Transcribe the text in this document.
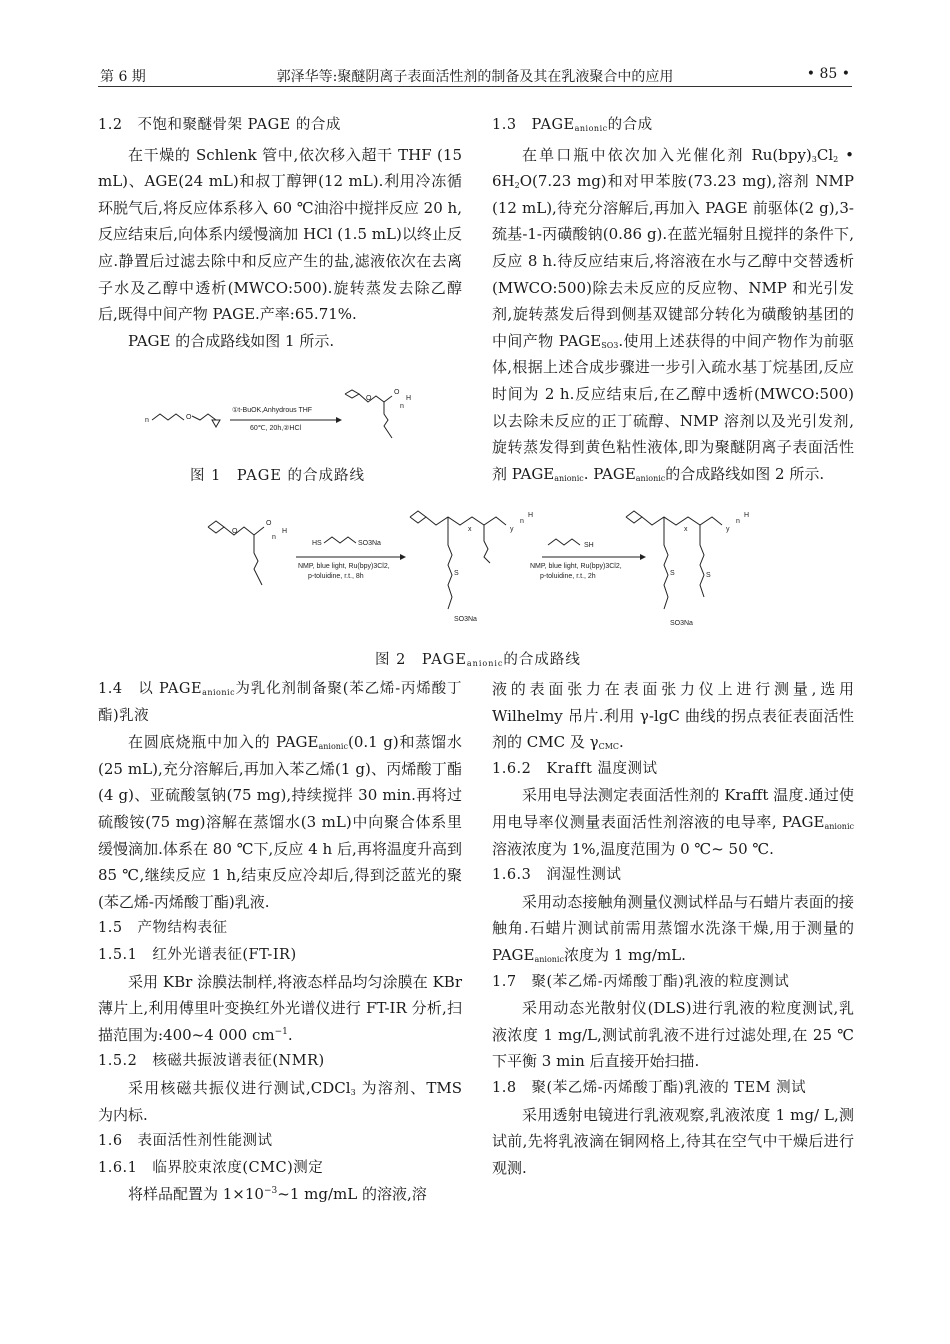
第 6 期	郭泽华等:聚醚阴离子表面活性剂的制备及其在乳液聚合中的应用	• 85 •

1.2　不饱和聚醚骨架 PAGE 的合成

在干燥的 Schlenk 管中,依次移入超干 THF (15 mL)、AGE(24 mL)和叔丁醇钾(12 mL).利用冷冻循环脱气后,将反应体系移入 60 ℃油浴中搅拌反应 20 h,反应结束后,向体系内缓慢滴加 HCl (1.5 mL)以终止反应.静置后过滤去除中和反应产生的盐,滤液依次在去离子水及乙醇中透析(MWCO:500).旋转蒸发去除乙醇后,既得中间产物 PAGE.产率:65.71%.

PAGE 的合成路线如图 1 所示.

n	O
①t-BuOK,Anhydrous THF
60℃, 20h,②HCl
O
O
n
H
图 1　PAGE 的合成路线

1.3　$PAGE_{anionic}$的合成

在单口瓶中依次加入光催化剂 $Ru(bpy)_3Cl_2$ • $6H_2O(7.23$ mg)和对甲苯胺(73.23 mg),溶剂 NMP (12 mL),待充分溶解后,再加入 PAGE 前驱体(2 g),3-巯基-1-丙磺酸钠(0.86 g).在蓝光辐射且搅拌的条件下,反应 8 h.待反应结束后,将溶液在水与乙醇中交替透析(MWCO:500)除去未反应的反应物、NMP 和光引发剂,旋转蒸发后得到侧基双键部分转化为磺酸钠基团的中间产物 $PAGE_{SO3}$.使用上述获得的中间产物作为前驱体,根据上述合成步骤进一步引入疏水基丁烷基团,反应时间为 2 h.反应结束后,在乙醇中透析(MWCO:500)以去除未反应的正丁硫醇、NMP 溶剂以及光引发剂,旋转蒸发得到黄色粘性液体,即为聚醚阴离子表面活性剂 $PAGE_{anionic}$. $PAGE_{anionic}$的合成路线如图 2 所示.

O
O
n
H
HS	SO3Na
NMP, blue light, Ru(bpy)3Cl2,
p-toluidine, r.t., 8h
x	y
n
H
S
SO3Na
SH
NMP, blue light, Ru(bpy)3Cl2,
p-toluidine, r.t., 2h
x	y
n
H
S
SO3Na
S
图 2　$PAGE_{anionic}$的合成路线

1.4　以 $PAGE_{anionic}$为乳化剂制备聚(苯乙烯-丙烯酸丁酯)乳液

在圆底烧瓶中加入的 $PAGE_{anionic}(0.1$ g)和蒸馏水(25 mL),充分溶解后,再加入苯乙烯(1 g)、丙烯酸丁酯(4 g)、亚硫酸氢钠(75 mg),持续搅拌 30 min.再将过硫酸铵(75 mg)溶解在蒸馏水(3 mL)中向聚合体系里缓慢滴加.体系在 80 ℃下,反应 4 h 后,再将温度升高到 85 ℃,继续反应 1 h,结束反应冷却后,得到泛蓝光的聚(苯乙烯-丙烯酸丁酯)乳液.

1.5　产物结构表征

1.5.1　红外光谱表征(FT-IR)

采用 KBr 涂膜法制样,将液态样品均匀涂膜在 KBr 薄片上,利用傅里叶变换红外光谱仪进行 FT-IR 分析,扫描范围为:400~4 000 $cm^{-1}$.

1.5.2　核磁共振波谱表征(NMR)

采用核磁共振仪进行测试,CDCl$_3$ 为溶剂、TMS 为内标.

1.6　表面活性剂性能测试

1.6.1　临界胶束浓度(CMC)测定

将样品配置为 $1\times 10^{-3}\sim 1$ mg/mL 的溶液,溶

液的表面张力在表面张力仪上进行测量,选用 Wilhelmy 吊片.利用 γ-lgC 曲线的拐点表征表面活性剂的 CMC 及 $\gamma_{CMC}$.

1.6.2　Krafft 温度测试

采用电导法测定表面活性剂的 Krafft 温度.通过使用电导率仪测量表面活性剂溶液的电导率, $PAGE_{anionic}$溶液浓度为 1%,温度范围为 0 ℃~ 50 ℃.

1.6.3　润湿性测试

采用动态接触角测量仪测试样品与石蜡片表面的接触角.石蜡片测试前需用蒸馏水洗涤干燥,用于测量的 $PAGE_{anionic}$浓度为 1 mg/mL.

1.7　聚(苯乙烯-丙烯酸丁酯)乳液的粒度测试

采用动态光散射仪(DLS)进行乳液的粒度测试,乳液浓度 1 mg/L,测试前乳液不进行过滤处理,在 25 ℃下平衡 3 min 后直接开始扫描.

1.8　聚(苯乙烯-丙烯酸丁酯)乳液的 TEM 测试

采用透射电镜进行乳液观察,乳液浓度 1 mg/ L,测试前,先将乳液滴在铜网格上,待其在空气中干燥后进行观测.
